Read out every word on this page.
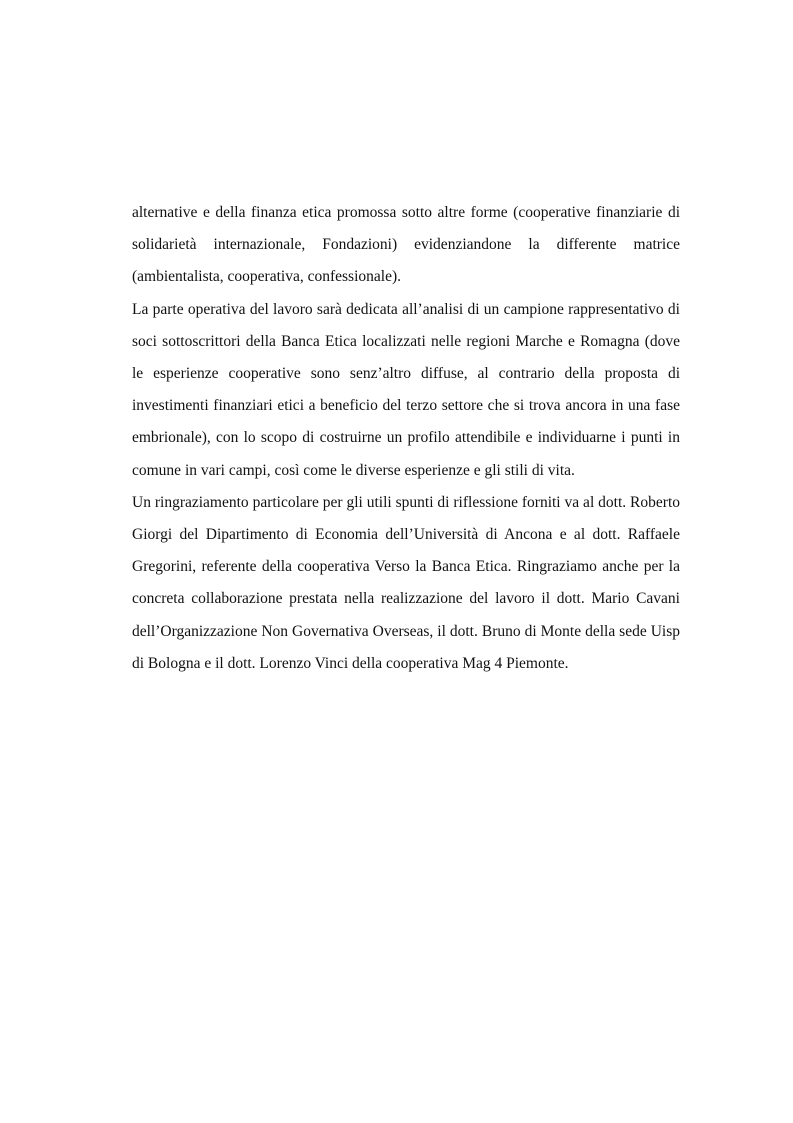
alternative e della finanza etica promossa sotto altre forme (cooperative finanziarie di solidarietà internazionale, Fondazioni) evidenziandone la differente matrice (ambientalista, cooperativa, confessionale).

La parte operativa del lavoro sarà dedicata all’analisi di un campione rappresentativo di soci sottoscrittori della Banca Etica localizzati nelle regioni Marche e Romagna (dove le esperienze cooperative sono senz’altro diffuse, al contrario della proposta di investimenti finanziari etici a beneficio del terzo settore che si trova ancora in una fase embrionale), con lo scopo di costruirne un profilo attendibile e individuarne i punti in comune in vari campi, così come le diverse esperienze e gli stili di vita.

Un ringraziamento particolare per gli utili spunti di riflessione forniti va al dott. Roberto Giorgi del Dipartimento di Economia dell’Università di Ancona e al dott. Raffaele Gregorini, referente della cooperativa Verso la Banca Etica. Ringraziamo anche per la concreta collaborazione prestata nella realizzazione del lavoro il dott. Mario Cavani dell’Organizzazione Non Governativa Overseas, il dott. Bruno di Monte della sede Uisp di Bologna e il dott. Lorenzo Vinci della cooperativa Mag 4 Piemonte.
